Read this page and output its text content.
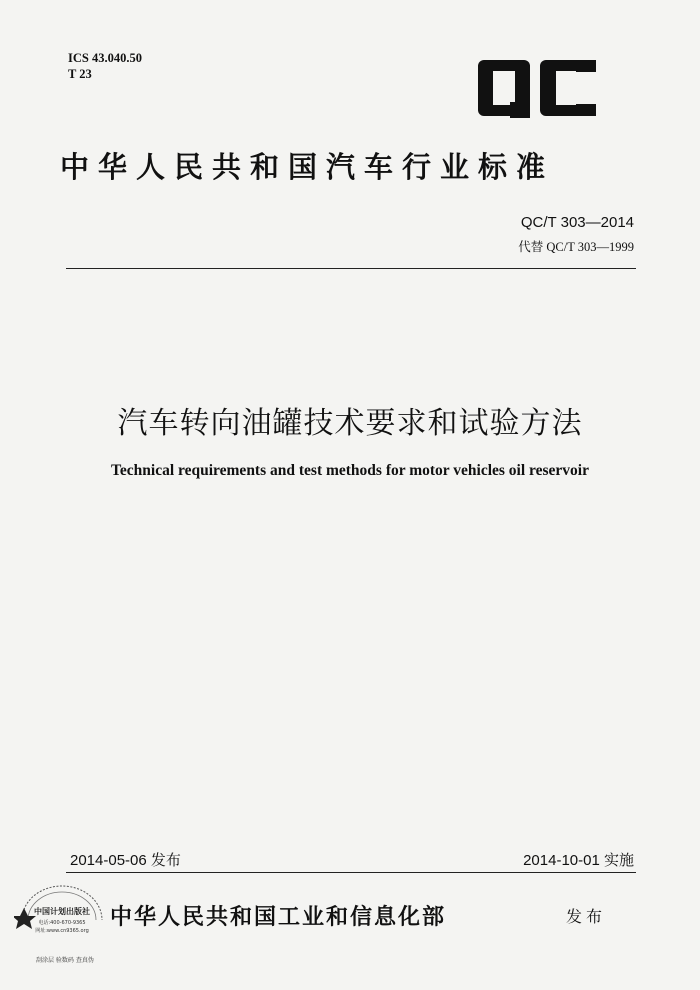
ICS 43.040.50
T 23
中华人民共和国汽车行业标准
QC/T 303—2014
代替 QC/T 303—1999
汽车转向油罐技术要求和试验方法
Technical requirements and test methods for motor vehicles oil reservoir
2014-05-06 发布	2014-10-01 实施
中国计划出版社
电话:400-670-9365
网址:www.cn9365.org
刮涂层 验数码 查真伪
中华人民共和国工业和信息化部	发布
